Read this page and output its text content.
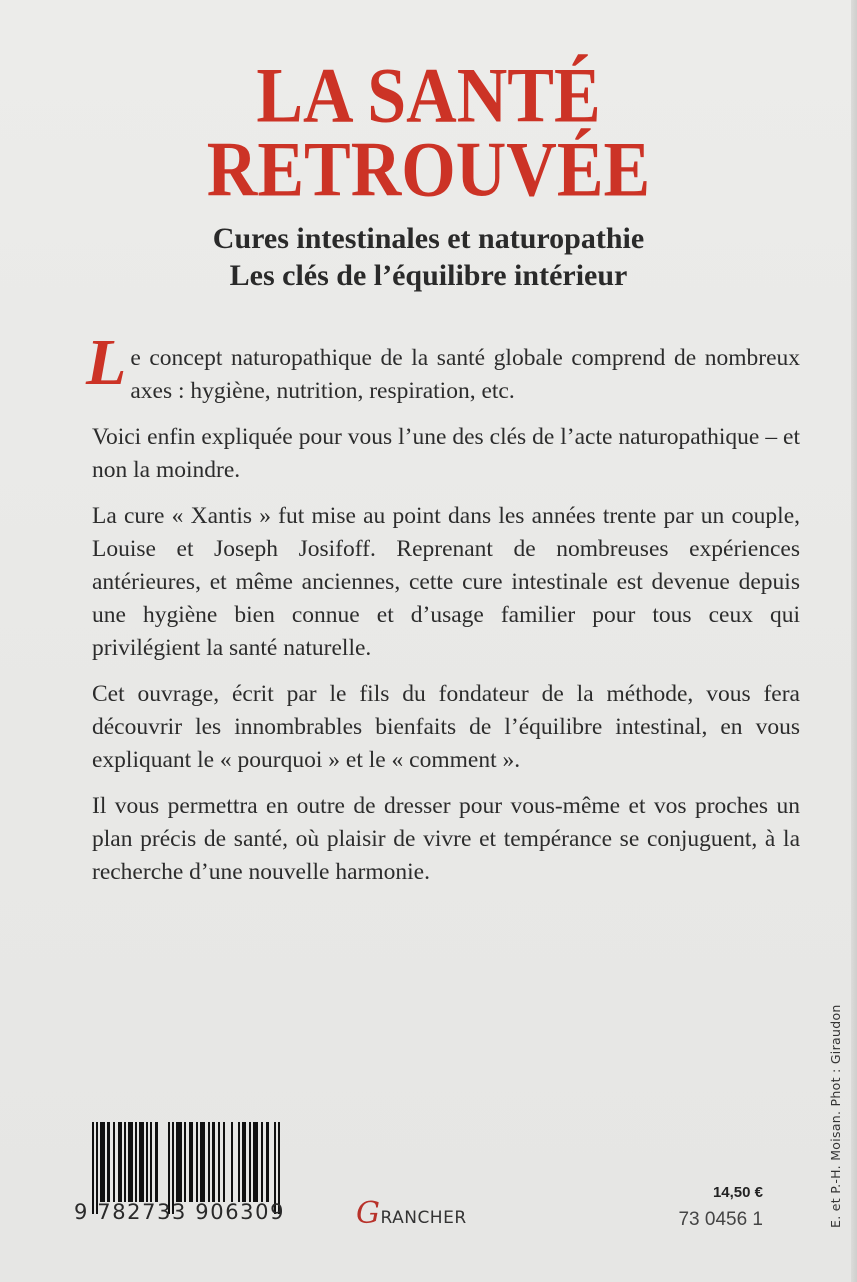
LA SANTÉ
RETROUVÉE
Cures intestinales et naturopathie
Les clés de l’équilibre intérieur

Le concept naturopathique de la santé globale comprend de nombreux axes : hygiène, nutrition, respiration, etc.

Voici enfin expliquée pour vous l’une des clés de l’acte naturopathique – et non la moindre.

La cure « Xantis » fut mise au point dans les années trente par un couple, Louise et Joseph Josifoff. Reprenant de nombreuses expériences antérieures, et même anciennes, cette cure intestinale est devenue depuis une hygiène bien connue et d’usage familier pour tous ceux qui privilégient la santé naturelle.

Cet ouvrage, écrit par le fils du fondateur de la méthode, vous fera découvrir les innombrables bienfaits de l’équilibre intestinal, en vous expliquant le « pourquoi » et le « comment ».

Il vous permettra en outre de dresser pour vous-même et vos proches un plan précis de santé, où plaisir de vivre et tempérance se conjuguent, à la recherche d’une nouvelle harmonie.

9 782733 906309 GRANCHER
14,50 €
73 0456 1	E. et P.-H. Moisan. Phot : Giraudon
